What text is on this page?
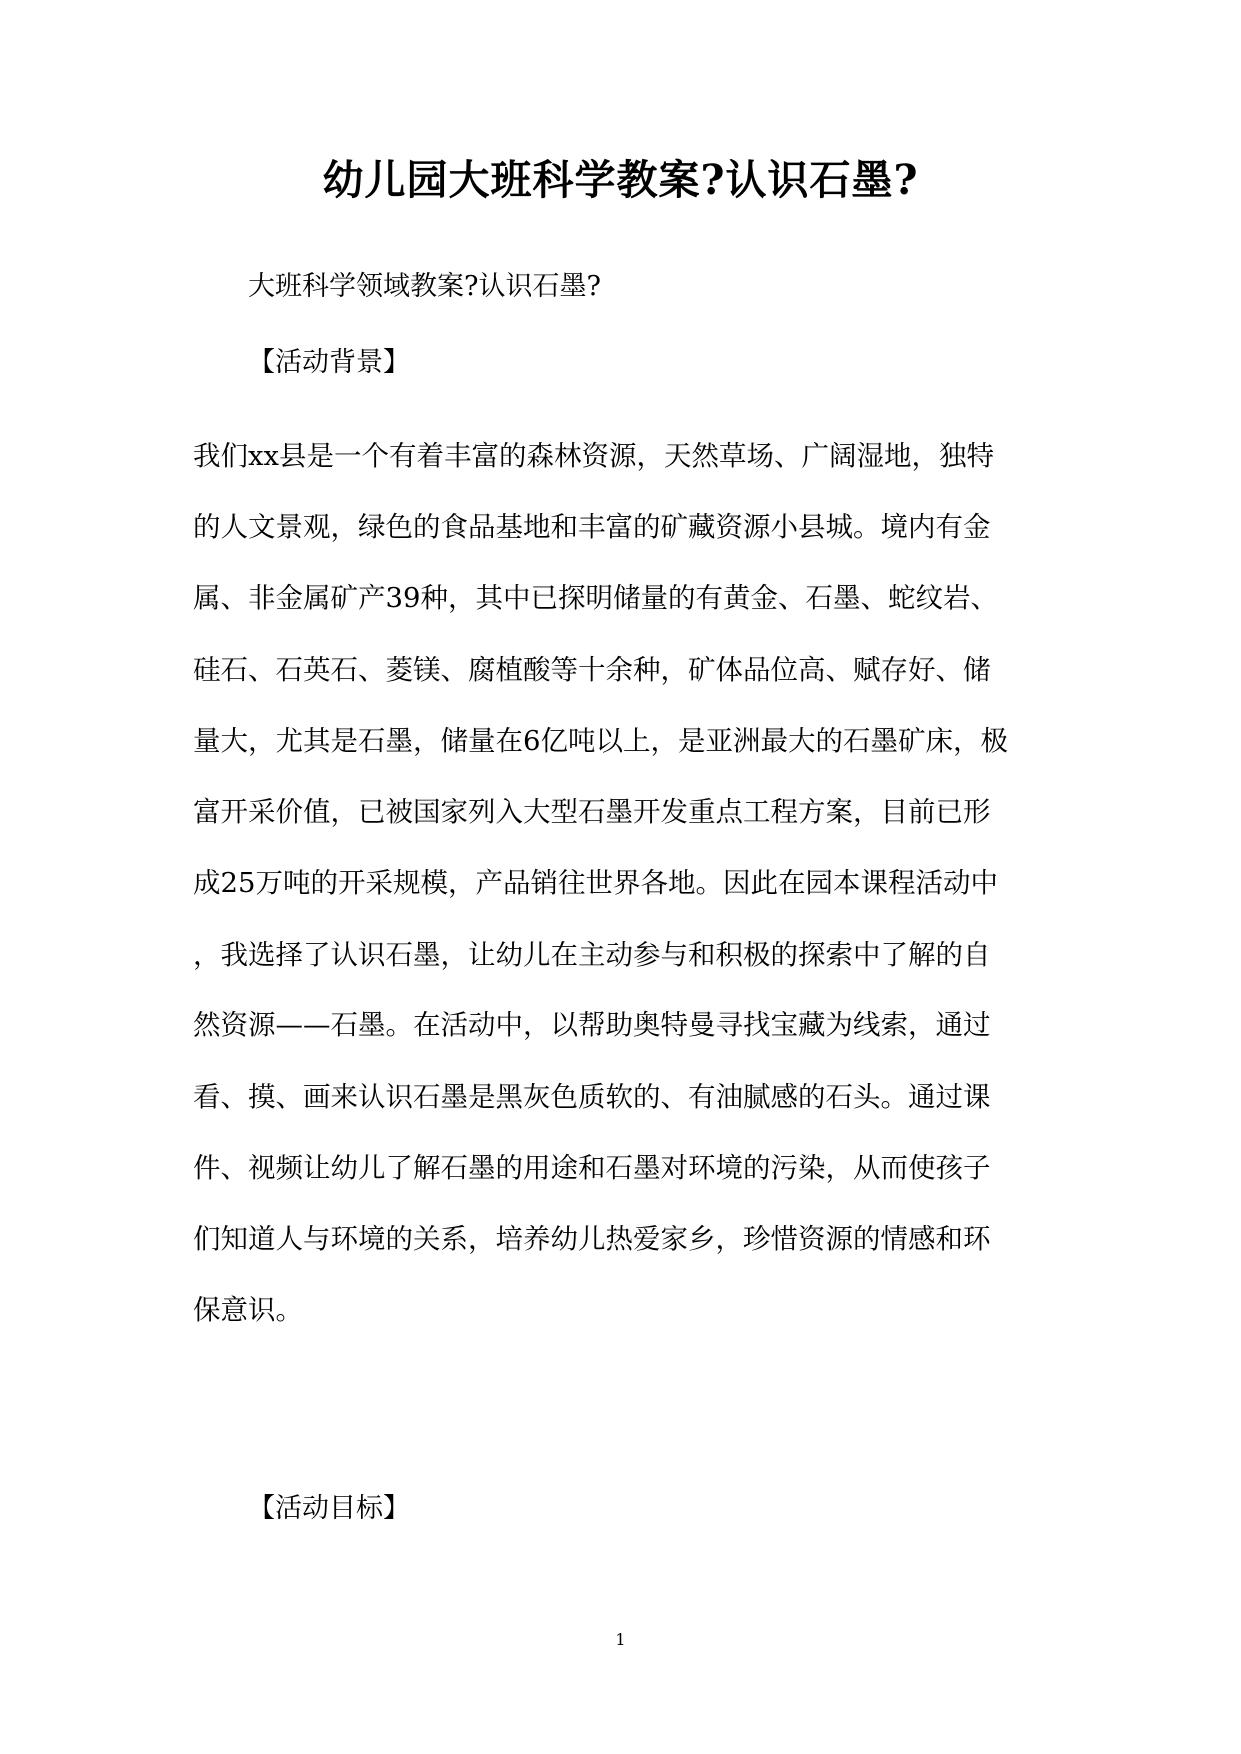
幼儿园大班科学教案?认识石墨?

大班科学领域教案?认识石墨?

【活动背景】

我们xx县是一个有着丰富的森林资源，天然草场、广阔湿地，独特

的人文景观，绿色的食品基地和丰富的矿藏资源小县城。境内有金

属、非金属矿产39种，其中已探明储量的有黄金、石墨、蛇纹岩、

硅石、石英石、菱镁、腐植酸等十余种，矿体品位高、赋存好、储

量大，尤其是石墨，储量在6亿吨以上，是亚洲最大的石墨矿床，极

富开采价值，已被国家列入大型石墨开发重点工程方案，目前已形

成25万吨的开采规模，产品销往世界各地。因此在园本课程活动中

，我选择了认识石墨，让幼儿在主动参与和积极的探索中了解的自

然资源——石墨。在活动中，以帮助奥特曼寻找宝藏为线索，通过

看、摸、画来认识石墨是黑灰色质软的、有油腻感的石头。通过课

件、视频让幼儿了解石墨的用途和石墨对环境的污染，从而使孩子

们知道人与环境的关系，培养幼儿热爱家乡，珍惜资源的情感和环

保意识。

【活动目标】

1
